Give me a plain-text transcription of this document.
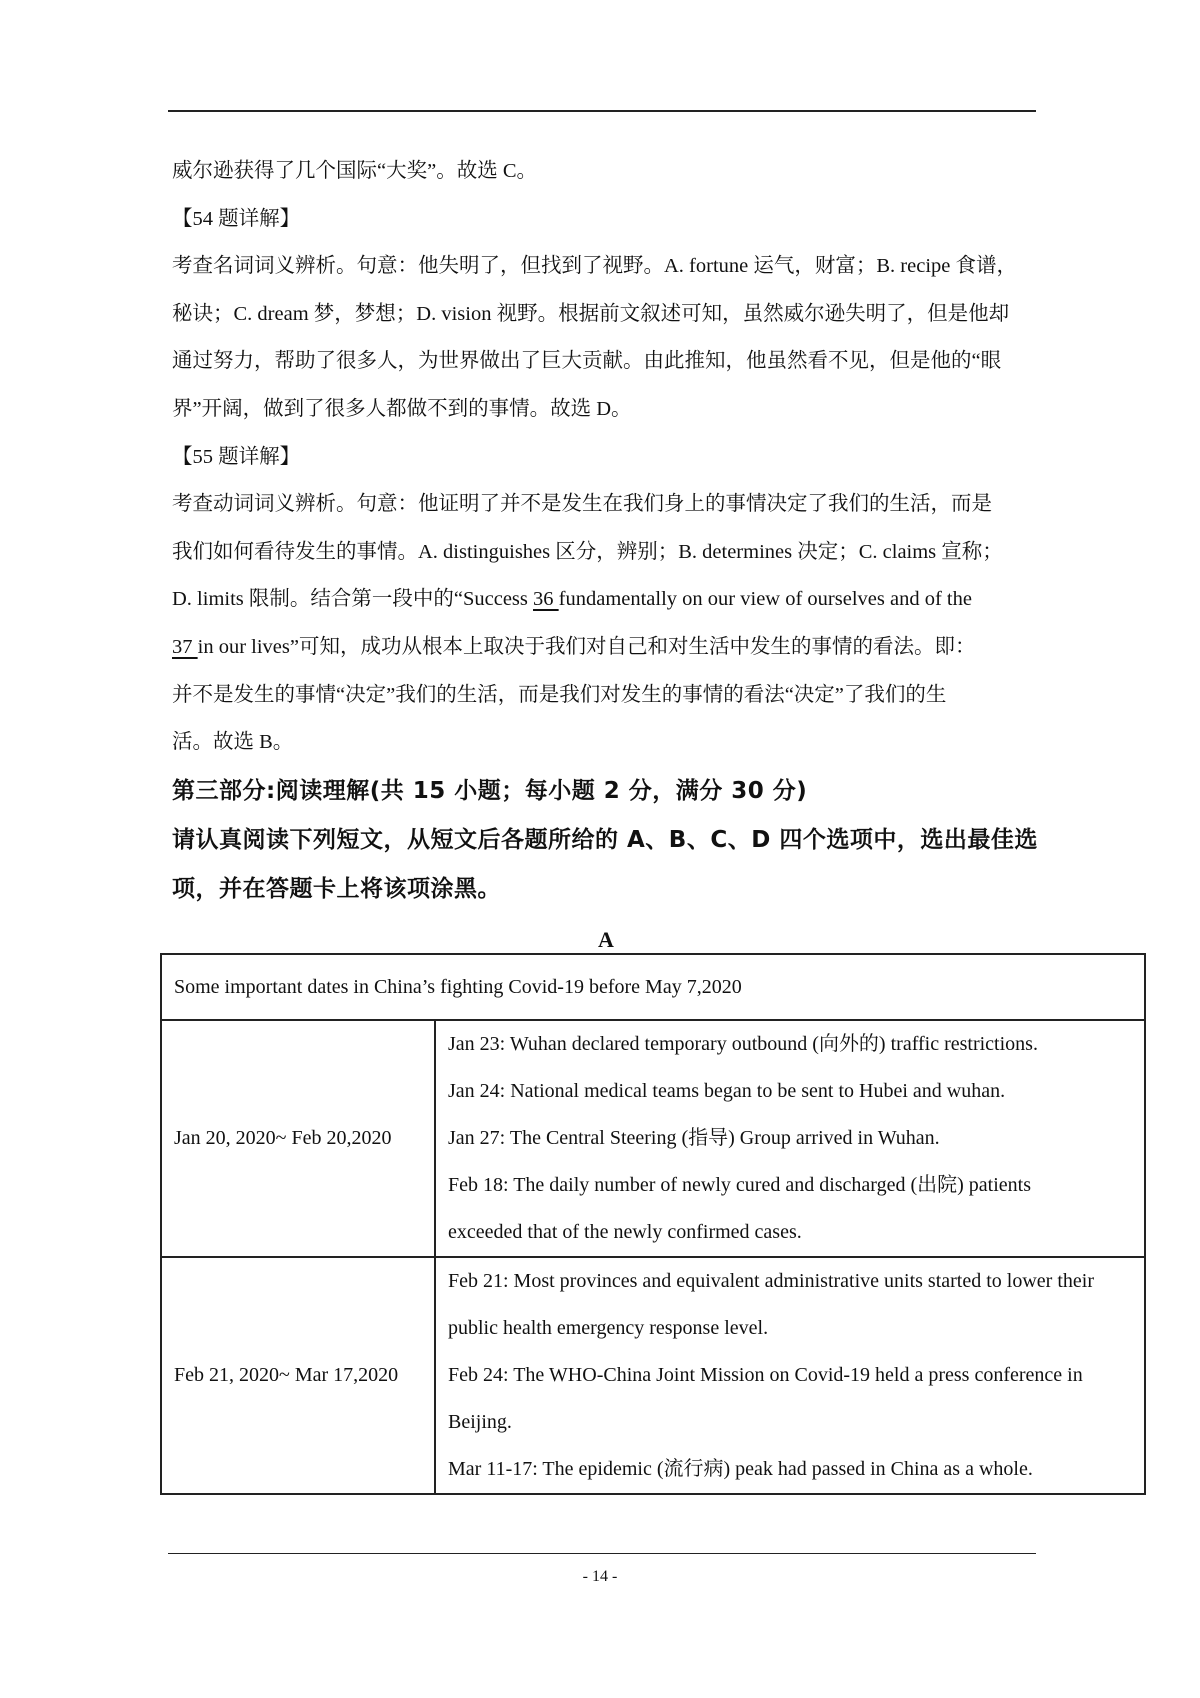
威尔逊获得了几个国际“大奖”。故选 C。

【54 题详解】

考查名词词义辨析。句意：他失明了，但找到了视野。A. fortune 运气，财富；B. recipe 食谱，
秘诀；C. dream 梦，梦想；D. vision 视野。根据前文叙述可知，虽然威尔逊失明了，但是他却
通过努力，帮助了很多人，为世界做出了巨大贡献。由此推知，他虽然看不见，但是他的“眼
界”开阔，做到了很多人都做不到的事情。故选 D。

【55 题详解】

考查动词词义辨析。句意：他证明了并不是发生在我们身上的事情决定了我们的生活，而是
我们如何看待发生的事情。A. distinguishes 区分，辨别；B. determines 决定；C. claims 宣称；
D. limits 限制。结合第一段中的“Success 36 fundamentally on our view of ourselves and of the
37 in our lives”可知，成功从根本上取决于我们对自己和对生活中发生的事情的看法。即：
并不是发生的事情“决定”我们的生活，而是我们对发生的事情的看法“决定”了我们的生
活。故选 B。

第三部分:阅读理解(共 15 小题；每小题 2 分，满分 30 分)

请认真阅读下列短文，从短文后各题所给的 A、B、C、D 四个选项中，选出最佳选

项，并在答题卡上将该项涂黑。

A

Some important dates in China’s fighting Covid-19 before May 7,2020	
Jan 20, 2020~ Feb 20,2020	Jan 23: Wuhan declared temporary outbound (向外的) traffic restrictions.
Jan 24: National medical teams began to be sent to Hubei and wuhan.
Jan 27: The Central Steering (指导) Group arrived in Wuhan.
Feb 18: The daily number of newly cured and discharged (出院) patients
exceeded that of the newly confirmed cases.

Feb 21, 2020~ Mar 17,2020	Feb 21: Most provinces and equivalent administrative units started to lower their
public health emergency response level.
Feb 24: The WHO-China Joint Mission on Covid-19 held a press conference in
Beijing.
Mar 11-17: The epidemic (流行病) peak had passed in China as a whole.
- 14 -
